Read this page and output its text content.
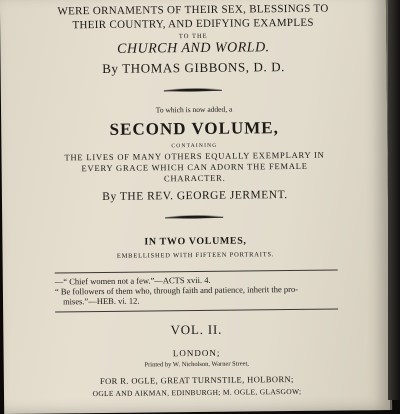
WERE ORNAMENTS OF THEIR SEX, BLESSINGS TO
THEIR COUNTRY, AND EDIFYING EXAMPLES
TO THE
CHURCH AND WORLD.
By THOMAS GIBBONS, D. D.
To which is now added, a
SECOND VOLUME,
CONTAINING
THE LIVES OF MANY OTHERS EQUALLY EXEMPLARY IN
EVERY GRACE WHICH CAN ADORN THE FEMALE
CHARACTER.
By THE REV. GEORGE JERMENT.
IN TWO VOLUMES,
EMBELLISHED WITH FIFTEEN PORTRAITS.
—“ Chief women not a few.”—ACTS xvii. 4.
“ Be followers of them who, through faith and patience, inherit the pro-
mises.”—HEB. vi. 12.
VOL. II.
LONDON;
Printed by W. Nicholson, Warner Street,
FOR R. OGLE, GREAT TURNSTILE, HOLBORN;
OGLE AND AIKMAN, EDINBURGH; M. OGLE, GLASGOW;
